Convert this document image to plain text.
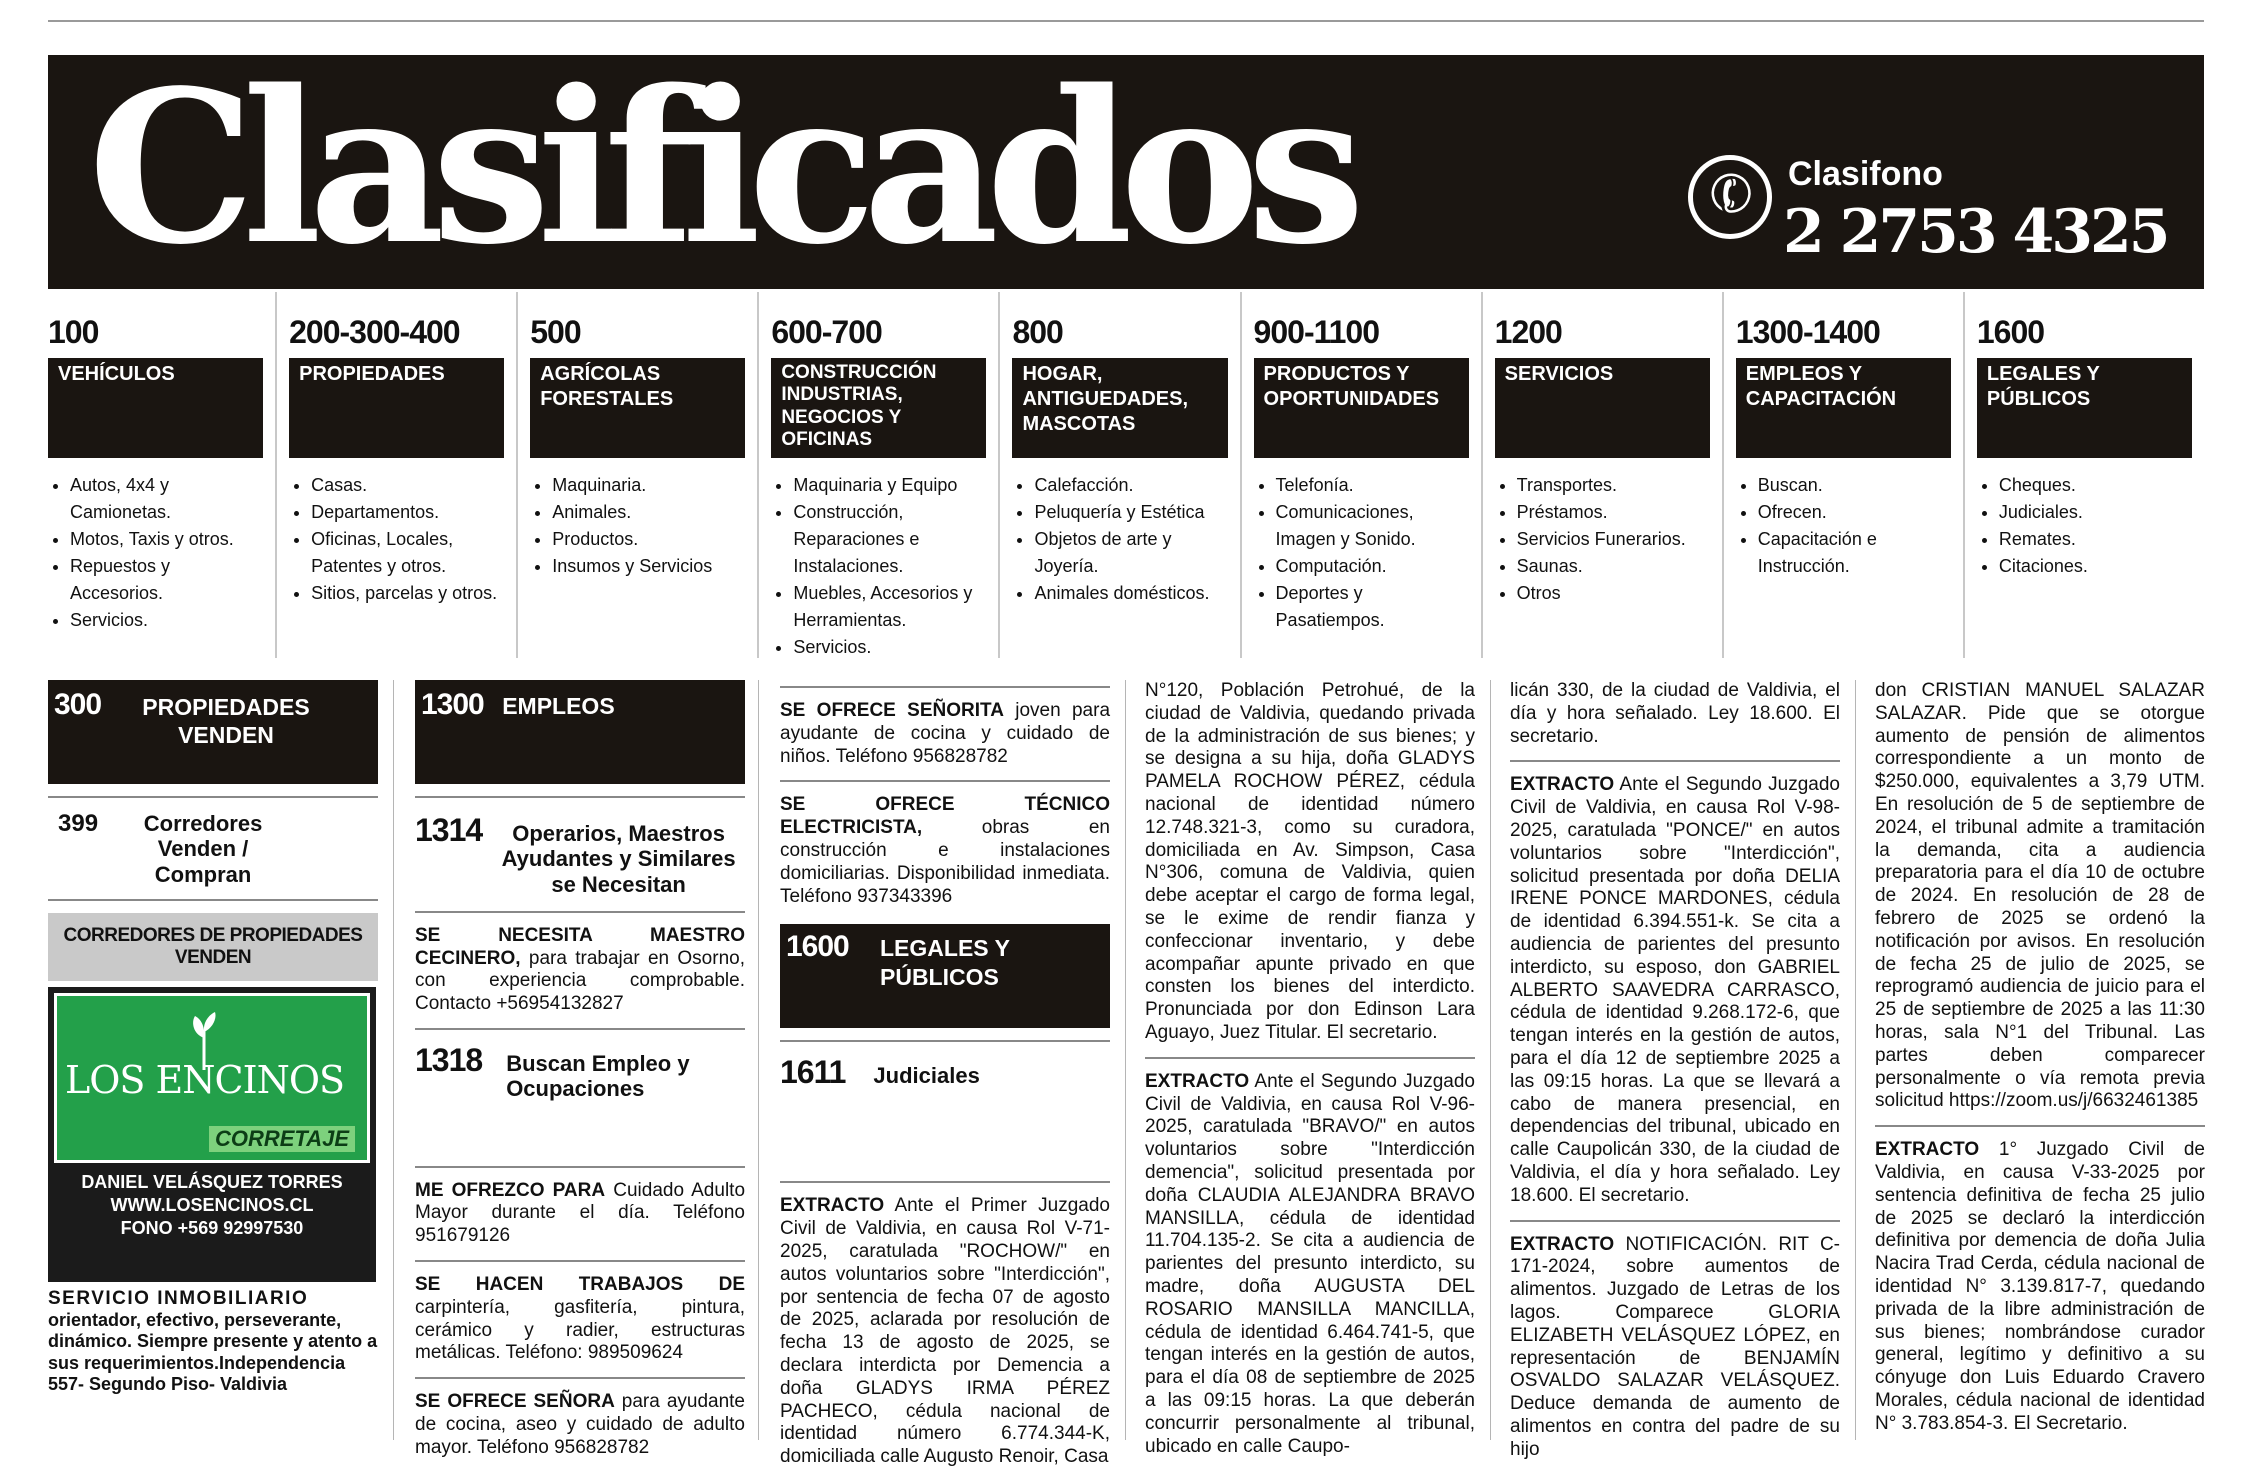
Clasificados	✆ Clasifono
2 2753 4325
100
VEHÍCULOS
• Autos, 4x4 y Camionetas.
• Motos, Taxis y otros.
• Repuestos y Accesorios.
• Servicios.
200-300-400
PROPIEDADES
• Casas.
• Departamentos.
• Oficinas, Locales, Patentes y otros.
• Sitios, parcelas y otros.
500
AGRÍCOLAS FORESTALES
• Maquinaria.
• Animales.
• Productos.
• Insumos y Servicios
600-700
CONSTRUCCIÓN INDUSTRIAS, NEGOCIOS Y OFICINAS
• Maquinaria y Equipo
• Construcción, Reparaciones e Instalaciones.
• Muebles, Accesorios y Herramientas.
• Servicios.
800
HOGAR, ANTIGUEDADES, MASCOTAS
• Calefacción.
• Peluquería y Estética
• Objetos de arte y Joyería.
• Animales domésticos.
900-1100
PRODUCTOS Y OPORTUNIDADES
• Telefonía.
• Comunicaciones, Imagen y Sonido.
• Computación.
• Deportes y Pasatiempos.
1200
SERVICIOS
• Transportes.
• Préstamos.
• Servicios Funerarios.
• Saunas.
• Otros
1300-1400
EMPLEOS Y CAPACITACIÓN
• Buscan.
• Ofrecen.
• Capacitación e Instrucción.
1600
LEGALES Y PÚBLICOS
• Cheques.
• Judiciales.
• Remates.
• Citaciones.
300	PROPIEDADES VENDEN
399	Corredores Venden / Compran
CORREDORES DE PROPIEDADES VENDEN
LOS ENCINOS
CORRETAJE
DANIEL VELÁSQUEZ TORRES
WWW.LOSENCINOS.CL
FONO +569 92997530
SERVICIO INMOBILIARIO
orientador, efectivo, perseverante, dinámico. Siempre presente y atento a sus requerimientos.Independencia 557- Segundo Piso- Valdivia
1300 EMPLEOS
1314	Operarios, Maestros Ayudantes y Similares se Necesitan
SE NECESITA MAESTRO CECINERO, para trabajar en Osorno, con experiencia comprobable. Contacto +56954132827
1318 Buscan Empleo y Ocupaciones
ME OFREZCO PARA Cuidado Adulto Mayor durante el día. Teléfono 951679126
SE HACEN TRABAJOS DE carpintería, gasfitería, pintura, cerámico y radier, estructuras metálicas. Teléfono: 989509624
SE OFRECE SEÑORA para ayudante de cocina, aseo y cuidado de adulto mayor. Teléfono 956828782
SE OFRECE SEÑORITA joven para ayudante de cocina y cuidado de niños. Teléfono 956828782
SE OFRECE TÉCNICO ELECTRICISTA,	obras en construcción e instalaciones domiciliarias. Disponibilidad inmediata. Teléfono 937343396
1600 LEGALES Y PÚBLICOS
1611 Judiciales
EXTRACTO Ante el Primer Juzgado Civil de Valdivia, en causa Rol V-71-2025, caratulada "ROCHOW/" en autos voluntarios sobre "Interdicción", por sentencia de fecha 07 de agosto de 2025, aclarada por resolución de fecha 13 de agosto de 2025, se declara interdicta por Demencia a doña GLADYS IRMA PÉREZ PACHECO, cédula nacional de identidad número 6.774.344-K, domiciliada calle Augusto Renoir, Casa
N°120, Población Petrohué, de la ciudad de Valdivia, quedando privada de la administración de sus bienes; y se designa a su hija, doña GLADYS PAMELA ROCHOW PÉREZ, cédula nacional de identidad número 12.748.321-3, como su curadora, domiciliada en Av. Simpson, Casa N°306, comuna de Valdivia, quien debe aceptar el cargo de forma legal, se le exime de rendir fianza y confeccionar inventario, y debe acompañar apunte privado en que consten los bienes del interdicto. Pronunciada por don Edinson Lara Aguayo, Juez Titular. El secretario.
EXTRACTO Ante el Segundo Juzgado Civil de Valdivia, en causa Rol V-96-2025, caratulada "BRAVO/" en autos voluntarios sobre "Interdicción demencia", solicitud presentada por doña CLAUDIA ALEJANDRA BRAVO MANSILLA, cédula de identidad 11.704.135-2. Se cita a audiencia de parientes del presunto interdicto, su madre, doña AUGUSTA DEL ROSARIO MANSILLA MANCILLA, cédula de identidad 6.464.741-5, que tengan interés en la gestión de autos, para el día 08 de septiembre de 2025 a las 09:15 horas. La que deberán concurrir personalmente al tribunal, ubicado en calle Caupo-
licán 330, de la ciudad de Valdivia, el día y hora señalado. Ley 18.600. El secretario.
EXTRACTO Ante el Segundo Juzgado Civil de Valdivia, en causa Rol V-98-2025, caratulada "PONCE/" en autos voluntarios sobre "Interdicción", solicitud presentada por doña DELIA IRENE PONCE MARDONES, cédula de identidad 6.394.551-k. Se cita a audiencia de parientes del presunto interdicto, su esposo, don GABRIEL ALBERTO SAAVEDRA CARRASCO, cédula de identidad 9.268.172-6, que tengan interés en la gestión de autos, para el día 12 de septiembre 2025 a las 09:15 horas. La que se llevará a cabo de manera presencial, en dependencias del tribunal, ubicado en calle Caupolicán 330, de la ciudad de Valdivia, el día y hora señalado. Ley 18.600. El secretario.
EXTRACTO NOTIFICACIÓN. RIT C-171-2024, sobre aumentos de alimentos. Juzgado de Letras de los lagos. Comparece GLORIA ELIZABETH VELÁSQUEZ LÓPEZ, en representación de BENJAMÍN OSVALDO SALAZAR VELÁSQUEZ. Deduce demanda de aumento de alimentos en contra del padre de su hijo
don CRISTIAN MANUEL SALAZAR SALAZAR. Pide que se otorgue aumento de pensión de alimentos correspondiente a un monto de $250.000, equivalentes a 3,79 UTM. En resolución de 5 de septiembre de 2024, el tribunal admite a tramitación la demanda, cita a audiencia preparatoria para el día 10 de octubre de 2024. En resolución de 28 de febrero de 2025 se ordenó la notificación por avisos. En resolución de fecha 25 de julio de 2025, se reprogramó audiencia de juicio para el 25 de septiembre de 2025 a las 11:30 horas, sala N°1 del Tribunal. Las partes deben comparecer personalmente o vía remota previa solicitud https://zoom.us/j/6632461385
EXTRACTO 1° Juzgado Civil de Valdivia, en causa V-33-2025 por sentencia definitiva de fecha 25 julio de 2025 se declaró la interdicción definitiva por demencia de doña Julia Nacira Trad Cerda, cédula nacional de identidad N° 3.139.817-7, quedando privada de la libre administración de sus bienes; nombrándose curador general, legítimo y definitivo a su cónyuge don Luis Eduardo Cravero Morales, cédula nacional de identidad N° 3.783.854-3. El Secretario.
